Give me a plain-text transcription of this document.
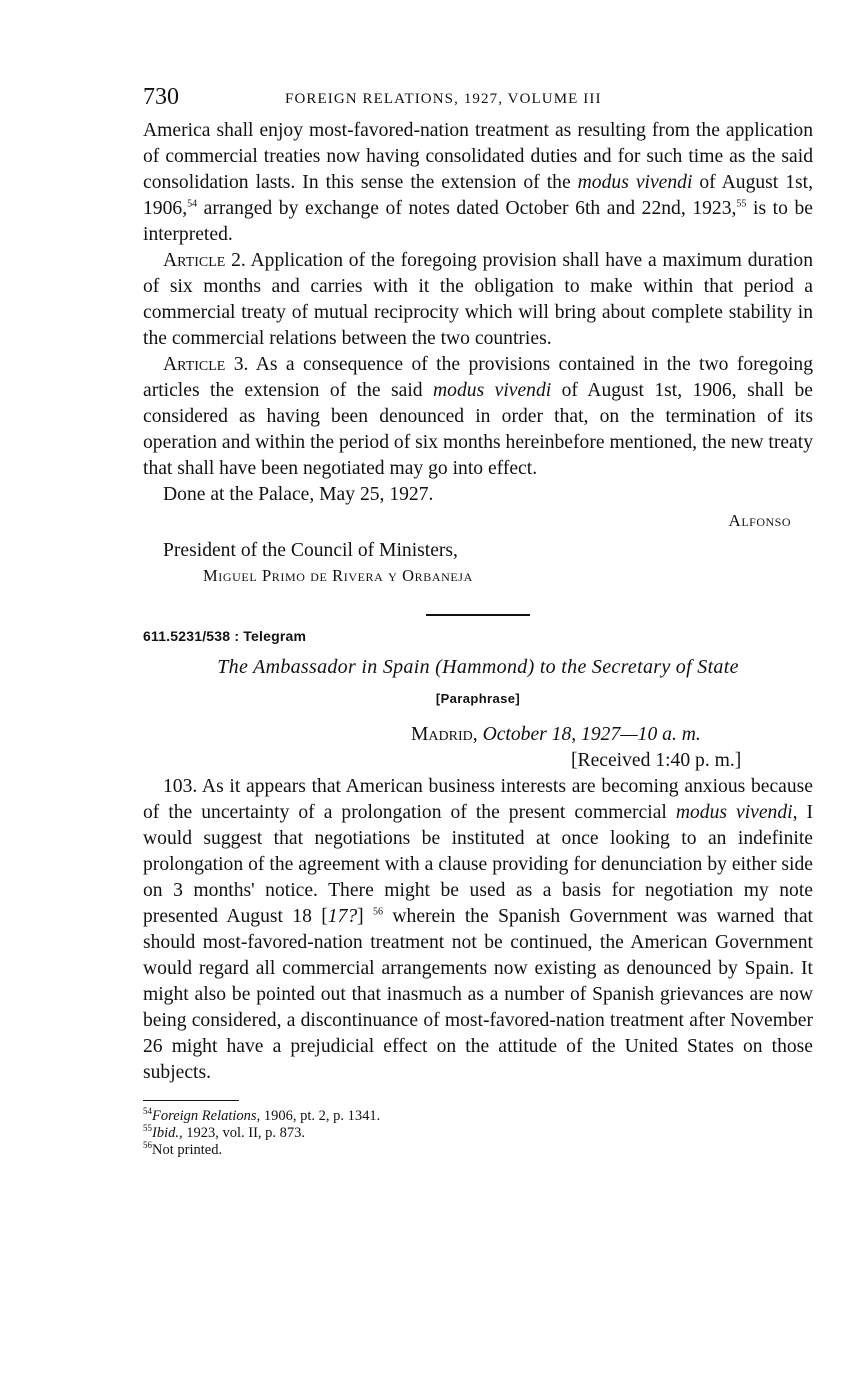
730	FOREIGN RELATIONS, 1927, VOLUME III

America shall enjoy most-favored-nation treatment as resulting from the application of commercial treaties now having consolidated duties and for such time as the said consolidation lasts. In this sense the extension of the modus vivendi of August 1st, 1906,54 arranged by exchange of notes dated October 6th and 22nd, 1923,55 is to be interpreted.

Article 2. Application of the foregoing provision shall have a maximum duration of six months and carries with it the obligation to make within that period a commercial treaty of mutual reciprocity which will bring about complete stability in the commercial relations between the two countries.

Article 3. As a consequence of the provisions contained in the two foregoing articles the extension of the said modus vivendi of August 1st, 1906, shall be considered as having been denounced in order that, on the termination of its operation and within the period of six months hereinbefore mentioned, the new treaty that shall have been negotiated may go into effect.

Done at the Palace, May 25, 1927.

Alfonso

President of the Council of Ministers,

Miguel Primo de Rivera y Orbaneja

611.5231/538 : Telegram
The Ambassador in Spain (Hammond) to the Secretary of State
[Paraphrase]
Madrid, October 18, 1927—10 a. m.
[Received 1:40 p. m.]

103. As it appears that American business interests are becoming anxious because of the uncertainty of a prolongation of the present commercial modus vivendi, I would suggest that negotiations be instituted at once looking to an indefinite prolongation of the agreement with a clause providing for denunciation by either side on 3 months' notice. There might be used as a basis for negotiation my note presented August 18 [17?] $^{56}$ wherein the Spanish Government was warned that should most-favored-nation treatment not be continued, the American Government would regard all commercial arrangements now existing as denounced by Spain. It might also be pointed out that inasmuch as a number of Spanish grievances are now being considered, a discontinuance of most-favored-nation treatment after November 26 might have a prejudicial effect on the attitude of the United States on those subjects.

$^{54}$Foreign Relations, 1906, pt. 2, p. 1341.
$^{55}$Ibid., 1923, vol. II, p. 873.
$^{56}$Not printed.
